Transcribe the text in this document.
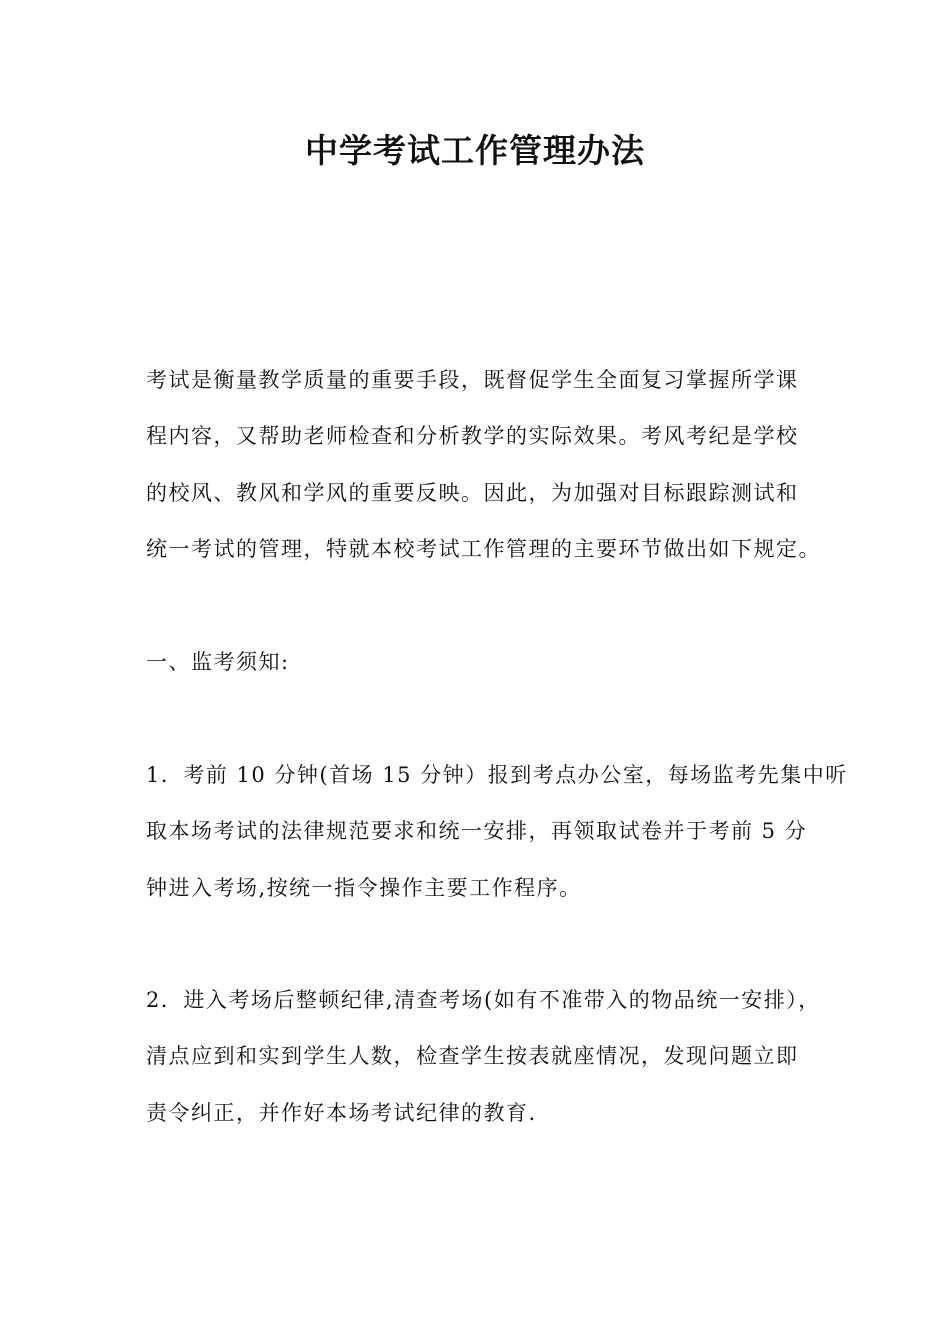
中学考试工作管理办法

考试是衡量教学质量的重要手段，既督促学生全面复习掌握所学课
程内容，又帮助老师检查和分析教学的实际效果。考风考纪是学校
的校风、教风和学风的重要反映。因此，为加强对目标跟踪测试和
统一考试的管理，特就本校考试工作管理的主要环节做出如下规定。

一、监考须知:

1．考前 10 分钟(首场 15 分钟）报到考点办公室，每场监考先集中听
取本场考试的法律规范要求和统一安排，再领取试卷并于考前 5 分
钟进入考场,按统一指令操作主要工作程序。

2．进入考场后整顿纪律,清查考场(如有不准带入的物品统一安排），
清点应到和实到学生人数，检查学生按表就座情况，发现问题立即
责令纠正，并作好本场考试纪律的教育.
